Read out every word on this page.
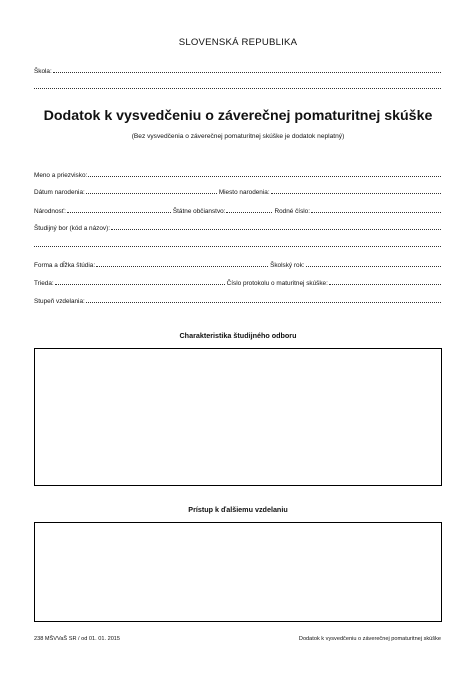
SLOVENSKÁ REPUBLIKA
Škola:
Dodatok k vysvedčeniu o záverečnej pomaturitnej skúške
(Bez vysvedčenia o záverečnej pomaturitnej skúške je dodatok neplatný)
Meno a priezvisko:
Dátum narodenia:	Miesto narodenia:
Národnosť:	Štátne občianstvo:	Rodné číslo:
Študijný bor (kód a názov):
Forma a dĺžka štúdia:	Školský rok:
Trieda:	Číslo protokolu o maturitnej skúške:
Stupeň vzdelania:
Charakteristika študijného odboru
Prístup k ďalšiemu vzdelaniu
238 MŠVVaŠ SR / od 01. 01. 2015	Dodatok k vysvedčeniu o záverečnej pomaturitnej skúške
